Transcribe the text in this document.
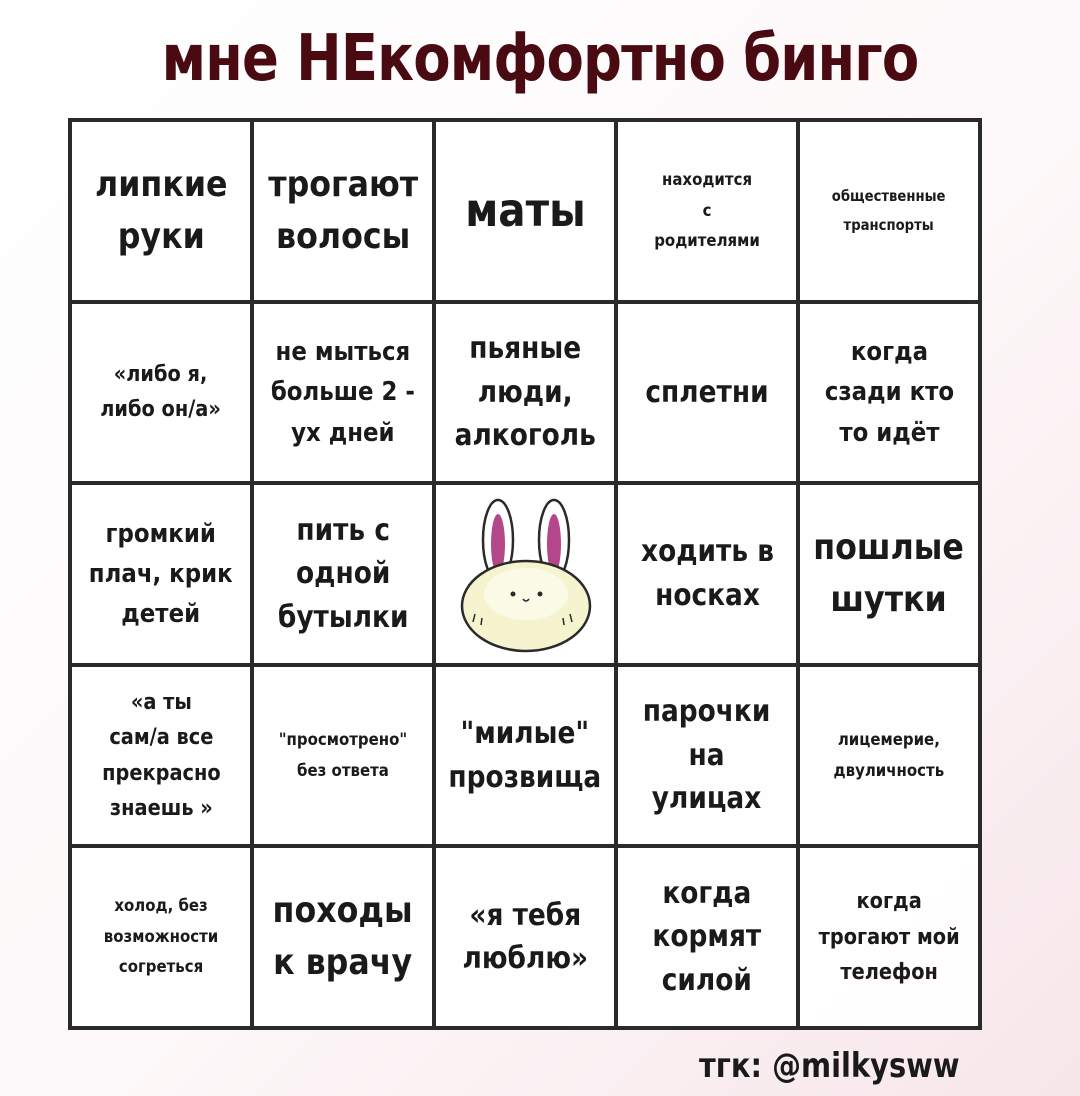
мне НЕкомфортно бинго
липкие
руки
трогают
волосы маты
находится
с
родителями
общественные
транспорты
«либо я,
либо он/а»
не мыться
больше 2 -
ух дней
пьяные
люди,
алкоголь
сплетни
когда
сзади кто
то идёт
громкий
плач, крик
детей
пить с
одной
бутылки
ходить в
носках
пошлые
шутки
«а ты
сам/а все
прекрасно
знаешь »
"просмотрено"
без ответа
"милые"
прозвища
парочки
на
улицах
лицемерие,
двуличность
холод, без
возможности
согреться
походы
к врачу
«я тебя
люблю»
когда
кормят
силой
когда
трогают мой
телефон
тгк: @milkysww
